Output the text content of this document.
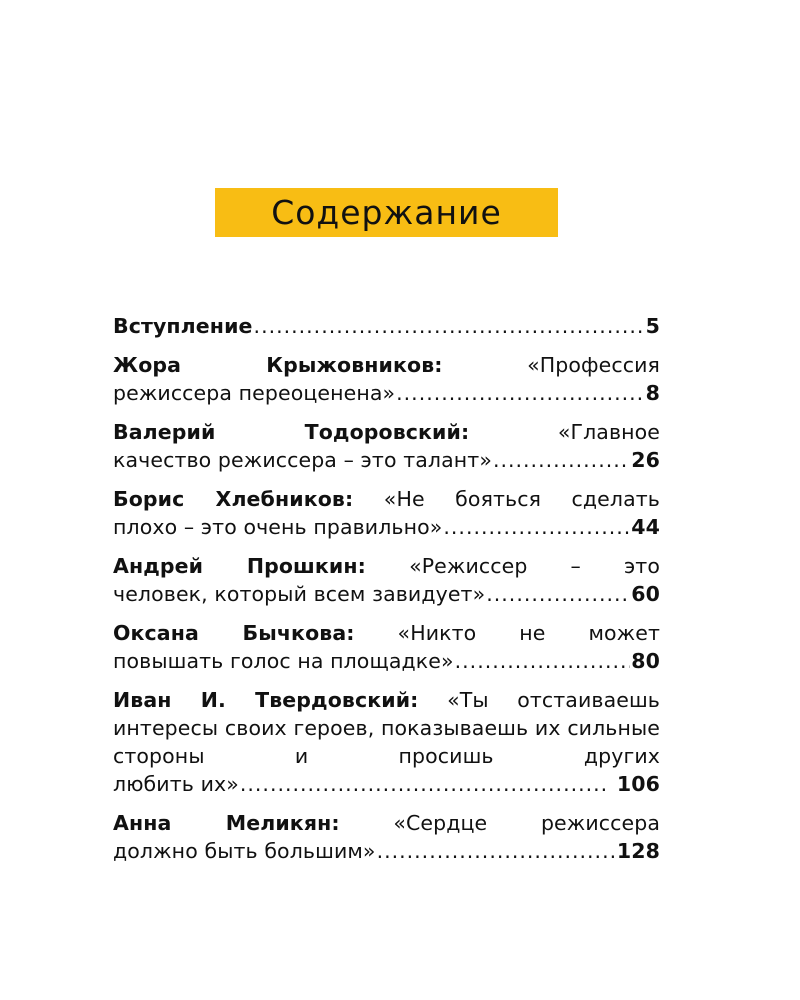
Содержание
Вступление .....	5
Жора Крыжовников:	«Профессия
режиссера переоценена» .....	8
Валерий Тодоровский:	«Главное
качество режиссера – это талант» .....	26
Борис Хлебников: «Не бояться сделать
плохо – это очень правильно» .....	44
Андрей Прошкин: «Режиссер – это
человек, который всем завидует» .....	60
Оксана Бычкова: «Никто не может
повышать голос на площадке» .....	80
Иван И. Твердовский: «Ты отстаиваешь интересы своих героев, показываешь их сильные стороны и просишь других
любить их» .....	106
Анна Меликян:	«Сердце режиссера
должно быть большим» .....	128
